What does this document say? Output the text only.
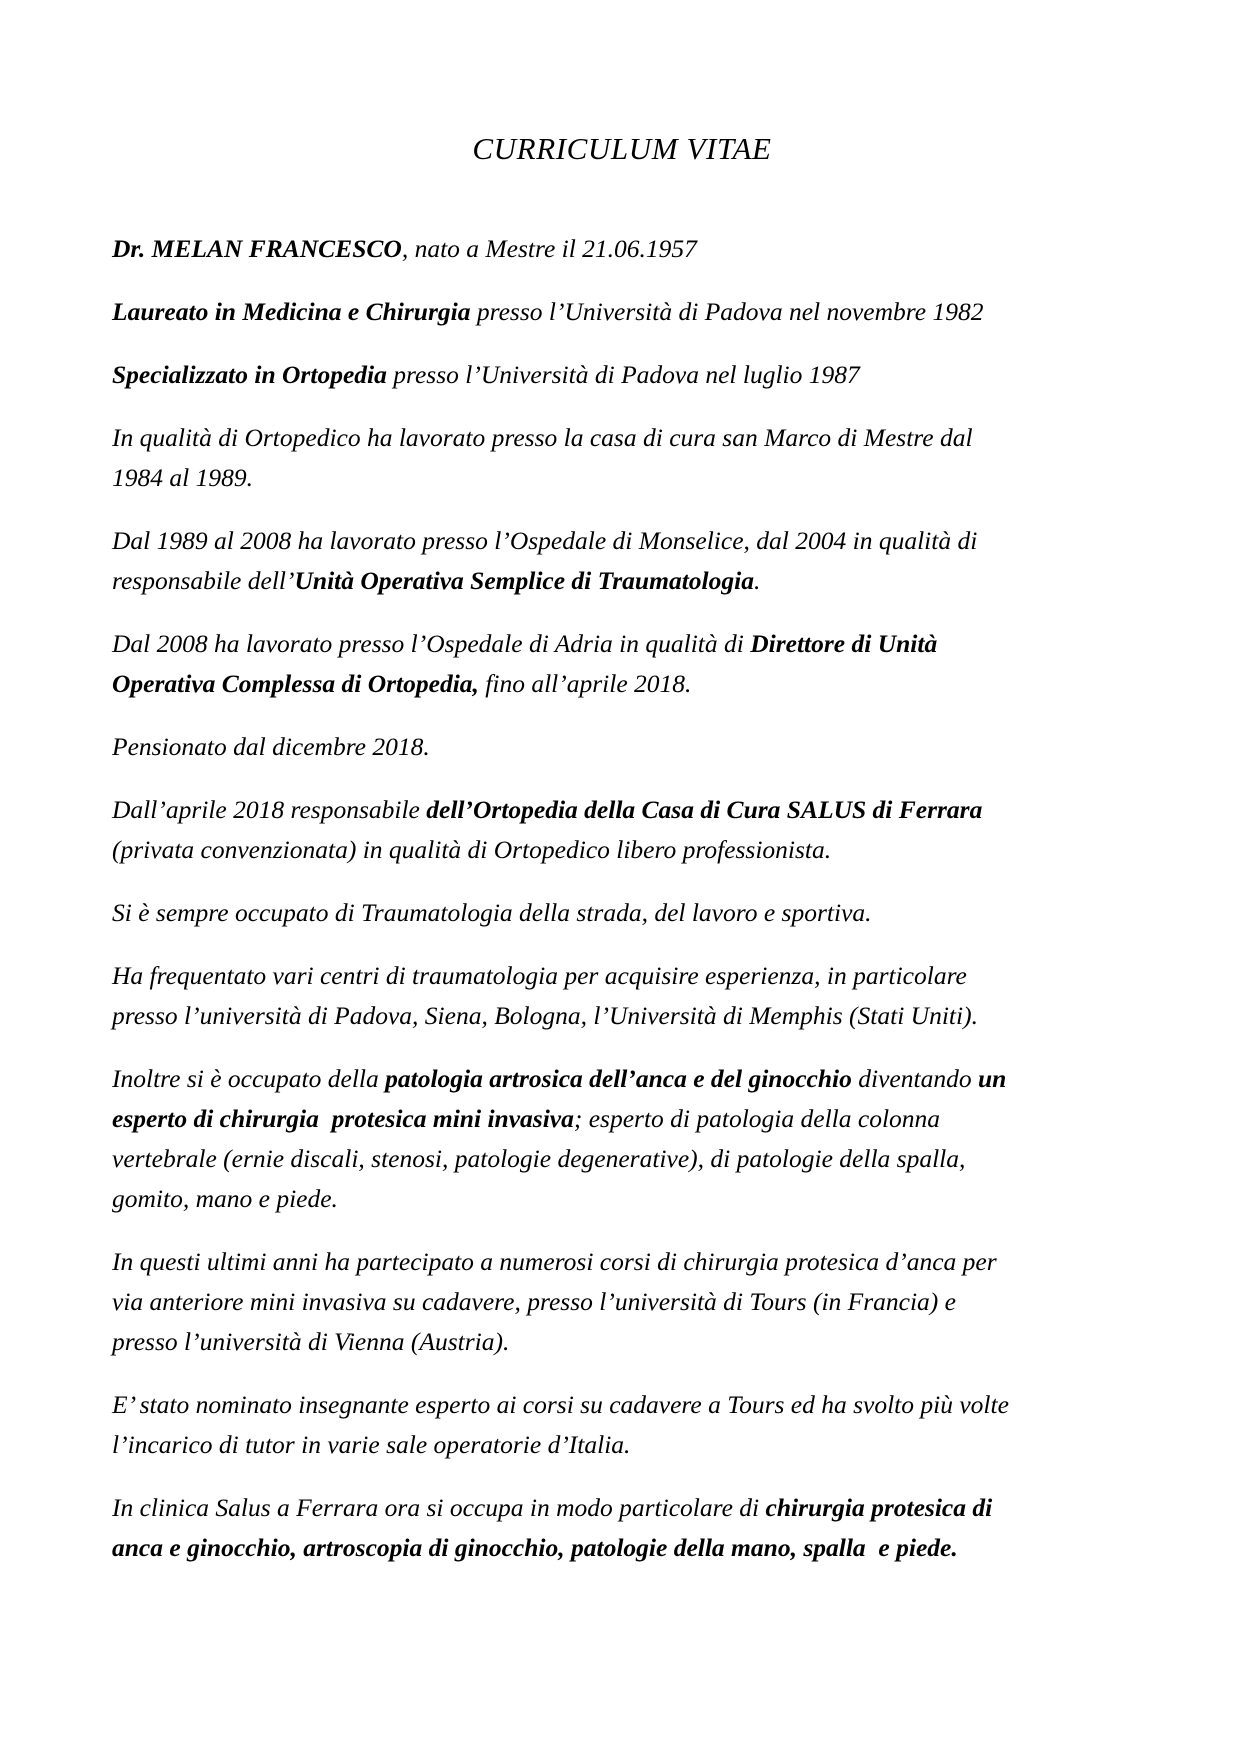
CURRICULUM VITAE

Dr. MELAN FRANCESCO, nato a Mestre il 21.06.1957

Laureato in Medicina e Chirurgia presso l’Università di Padova nel novembre 1982

Specializzato in Ortopedia presso l’Università di Padova nel luglio 1987

In qualità di Ortopedico ha lavorato presso la casa di cura san Marco di Mestre dal 1984 al 1989.

Dal 1989 al 2008 ha lavorato presso l’Ospedale di Monselice, dal 2004 in qualità di responsabile dell’Unità Operativa Semplice di Traumatologia.

Dal 2008 ha lavorato presso l’Ospedale di Adria in qualità di Direttore di Unità Operativa Complessa di Ortopedia, fino all’aprile 2018.

Pensionato dal dicembre 2018.

Dall’aprile 2018 responsabile dell’Ortopedia della Casa di Cura SALUS di Ferrara (privata convenzionata) in qualità di Ortopedico libero professionista.

Si è sempre occupato di Traumatologia della strada, del lavoro e sportiva.

Ha frequentato vari centri di traumatologia per acquisire esperienza, in particolare presso l’università di Padova, Siena, Bologna, l’Università di Memphis (Stati Uniti).

Inoltre si è occupato della patologia artrosica dell’anca e del ginocchio diventando un esperto di chirurgia  protesica mini invasiva; esperto di patologia della colonna vertebrale (ernie discali, stenosi, patologie degenerative), di patologie della spalla, gomito, mano e piede.

In questi ultimi anni ha partecipato a numerosi corsi di chirurgia protesica d’anca per via anteriore mini invasiva su cadavere, presso l’università di Tours (in Francia) e presso l’università di Vienna (Austria).

E’ stato nominato insegnante esperto ai corsi su cadavere a Tours ed ha svolto più volte l’incarico di tutor in varie sale operatorie d’Italia.

In clinica Salus a Ferrara ora si occupa in modo particolare di chirurgia protesica di anca e ginocchio, artroscopia di ginocchio, patologie della mano, spalla  e piede.
